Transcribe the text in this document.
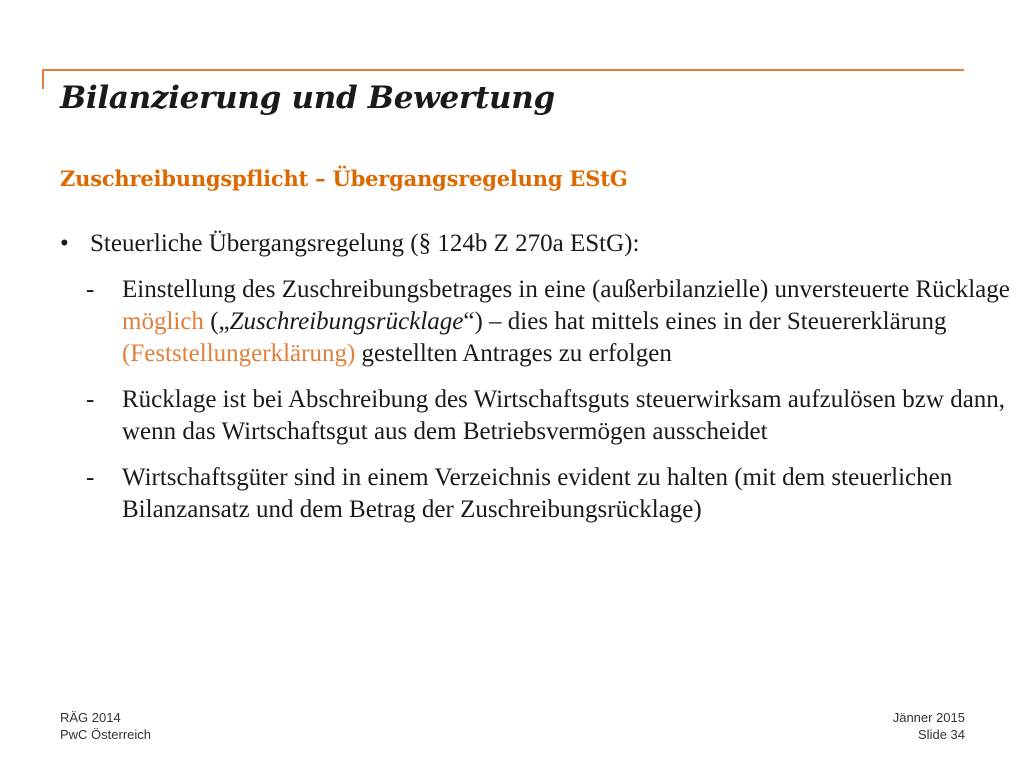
Bilanzierung und Bewertung
Zuschreibungspflicht – Übergangsregelung EStG
• Steuerliche Übergangsregelung (§ 124b Z 270a EStG):
-	Einstellung des Zuschreibungsbetrages in eine (außerbilanzielle) unversteuerte Rücklage möglich („Zuschreibungsrücklage“) – dies hat mittels eines in der Steuererklärung (Feststellungerklärung) gestellten Antrages zu erfolgen
-	Rücklage ist bei Abschreibung des Wirtschaftsguts steuerwirksam aufzulösen bzw dann, wenn das Wirtschaftsgut aus dem Betriebsvermögen ausscheidet
-	Wirtschaftsgüter sind in einem Verzeichnis evident zu halten (mit dem steuerlichen Bilanzansatz und dem Betrag der Zuschreibungsrücklage)
RÄG 2014
PwC Österreich
Jänner 2015
Slide 34
